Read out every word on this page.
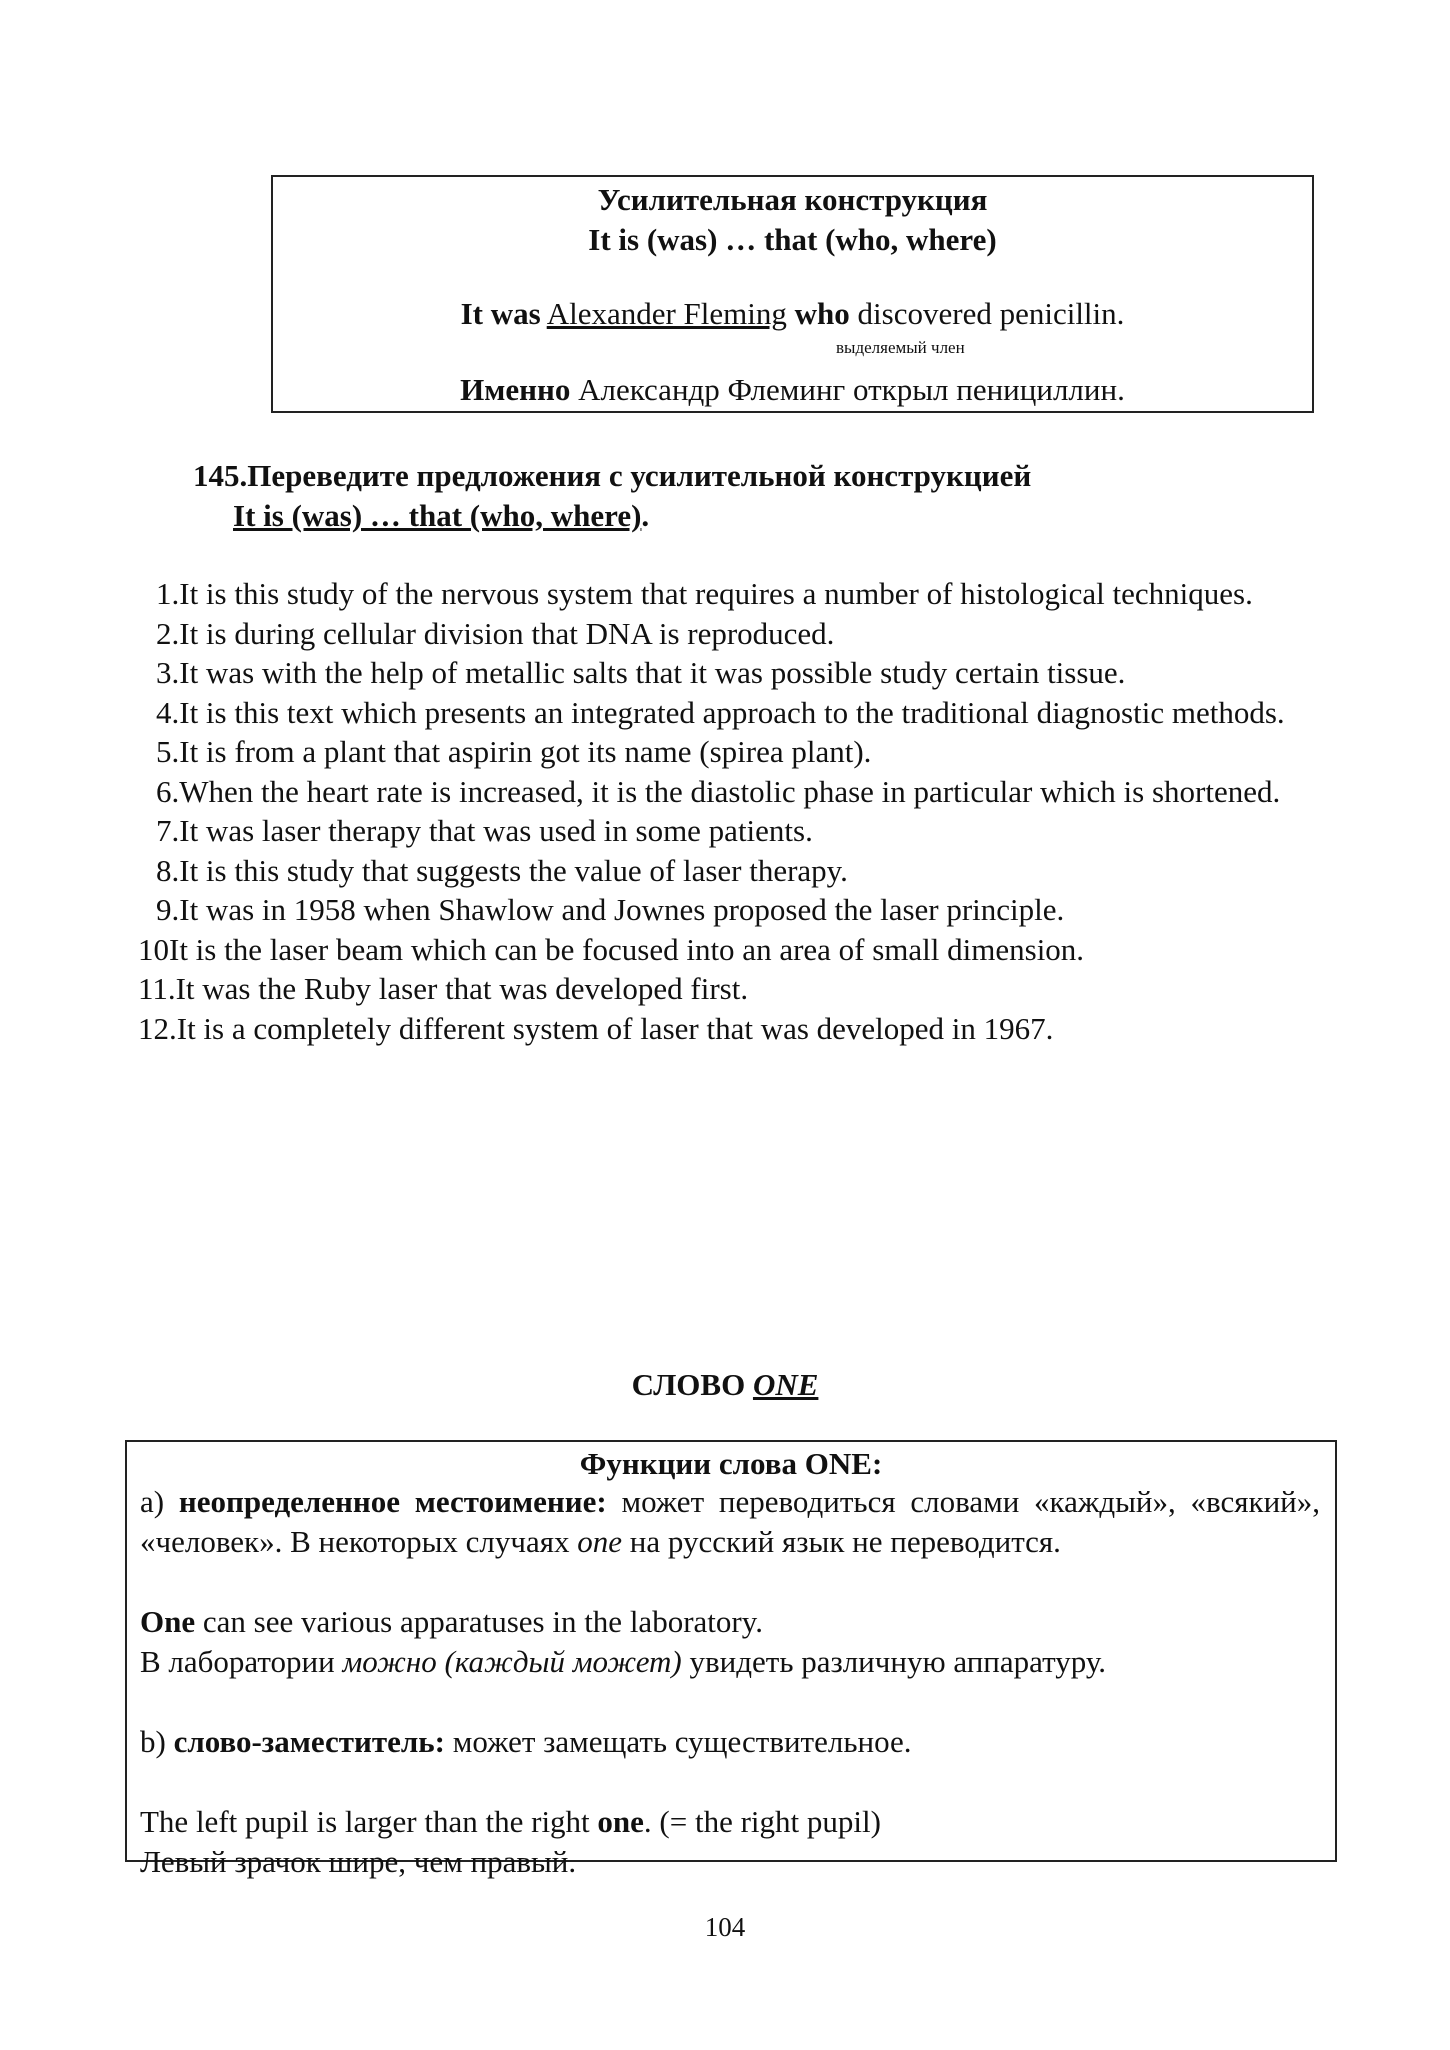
Усилительная конструкция
It is (was) … that (who, where)
It was Alexander Fleming who discovered penicillin.
выделяемый член
Именно Александр Флеминг открыл пенициллин.
145.Переведите предложения с усилительной конструкцией
It is (was) … that (who, where).
1.It is this study of the nervous system that requires a number of histological techniques.
2.It is during cellular division that DNA is reproduced.
3.It was with the help of metallic salts that it was possible study certain tissue.
4.It is this text which presents an integrated approach to the traditional diagnostic methods.
5.It is from a plant that aspirin got its name (spirea plant).
6.When the heart rate is increased, it is the diastolic phase in particular which is shortened.
7.It was laser therapy that was used in some patients.
8.It is this study that suggests the value of laser therapy.
9.It was in 1958 when Shawlow and Jownes proposed the laser principle.
10It is the laser beam which can be focused into an area of small dimension.
11.It was the Ruby laser that was developed first.
12.It is a completely different system of laser that was developed in 1967.
СЛОВО ONE
Функции слова ONE:
a) неопределенное местоимение: может переводиться словами «каждый», «всякий», «человек». В некоторых случаях one на русский язык не переводится.
One can see various apparatuses in the laboratory.
В лаборатории можно (каждый может) увидеть различную аппаратуру.
b) слово-заместитель: может замещать существительное.
The left pupil is larger than the right one. (= the right pupil)
Левый зрачок шире, чем правый.
104
